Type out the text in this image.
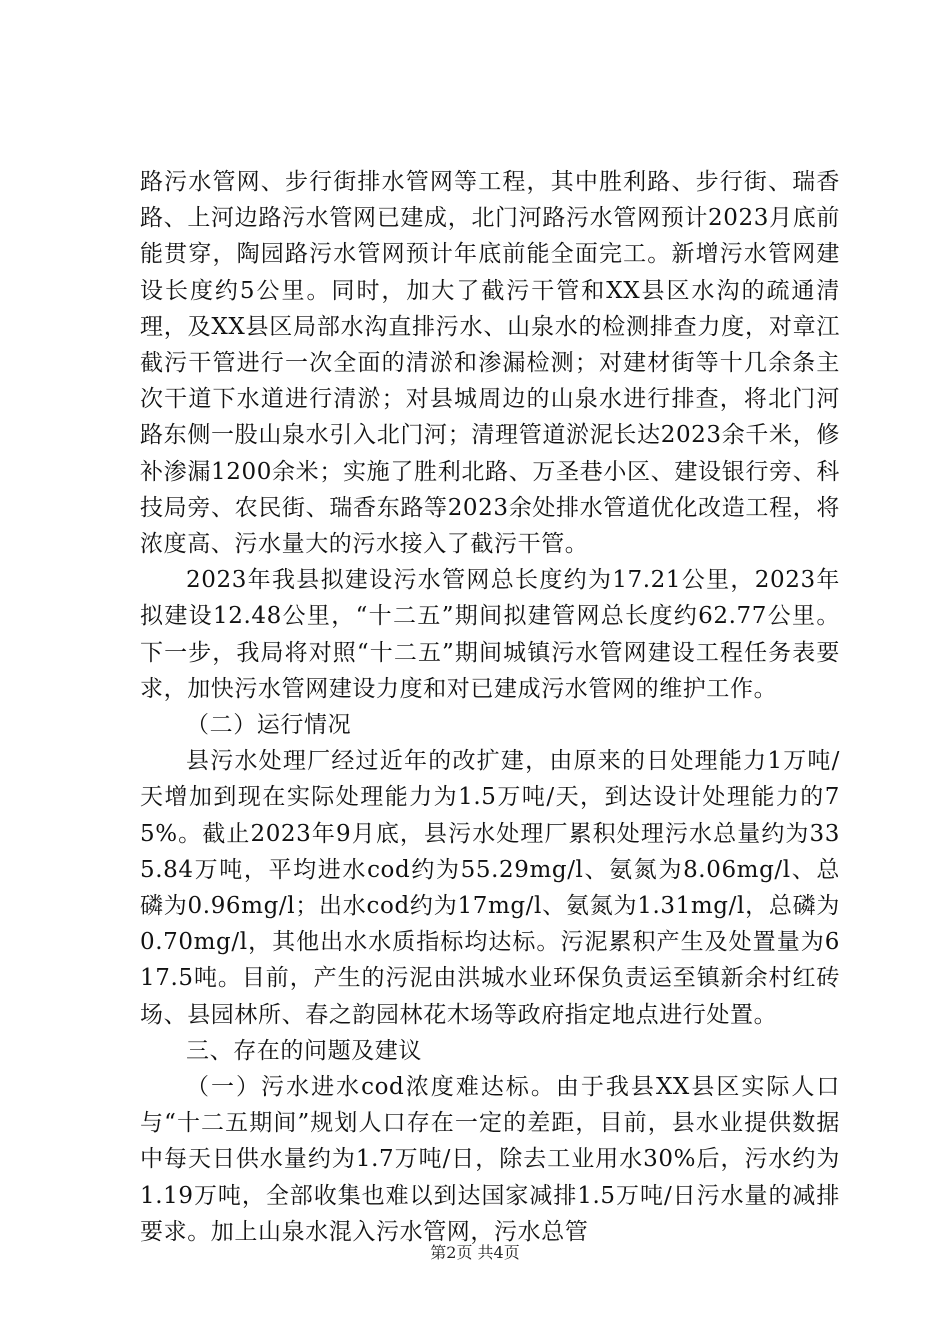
路污水管网、步行街排水管网等工程，其中胜利路、步行街、瑞香路、上河边路污水管网已建成，北门河路污水管网预计2023月底前能贯穿，陶园路污水管网预计年底前能全面完工。新增污水管网建设长度约5公里。同时，加大了截污干管和XX县区水沟的疏通清理，及XX县区局部水沟直排污水、山泉水的检测排查力度，对章江截污干管进行一次全面的清淤和渗漏检测；对建材街等十几余条主次干道下水道进行清淤；对县城周边的山泉水进行排查，将北门河路东侧一股山泉水引入北门河；清理管道淤泥长达2023余千米，修补渗漏1200余米；实施了胜利北路、万圣巷小区、建设银行旁、科技局旁、农民街、瑞香东路等2023余处排水管道优化改造工程，将浓度高、污水量大的污水接入了截污干管。

2023年我县拟建设污水管网总长度约为17.21公里，2023年拟建设12.48公里，“十二五”期间拟建管网总长度约62.77公里。下一步，我局将对照“十二五”期间城镇污水管网建设工程任务表要求，加快污水管网建设力度和对已建成污水管网的维护工作。

（二）运行情况

县污水处理厂经过近年的改扩建，由原来的日处理能力1万吨/天增加到现在实际处理能力为1.5万吨/天，到达设计处理能力的75%。截止2023年9月底，县污水处理厂累积处理污水总量约为335.84万吨，平均进水cod约为55.29mg/l、氨氮为8.06mg/l、总磷为0.96mg/l；出水cod约为17mg/l、氨氮为1.31mg/l，总磷为0.70mg/l，其他出水水质指标均达标。污泥累积产生及处置量为617.5吨。目前，产生的污泥由洪城水业环保负责运至镇新余村红砖场、县园林所、春之韵园林花木场等政府指定地点进行处置。

三、存在的问题及建议

（一）污水进水cod浓度难达标。由于我县XX县区实际人口与“十二五期间”规划人口存在一定的差距，目前，县水业提供数据中每天日供水量约为1.7万吨/日，除去工业用水30%后，污水约为1.19万吨，全部收集也难以到达国家减排1.5万吨/日污水量的减排要求。加上山泉水混入污水管网，污水总管

第2页 共4页
